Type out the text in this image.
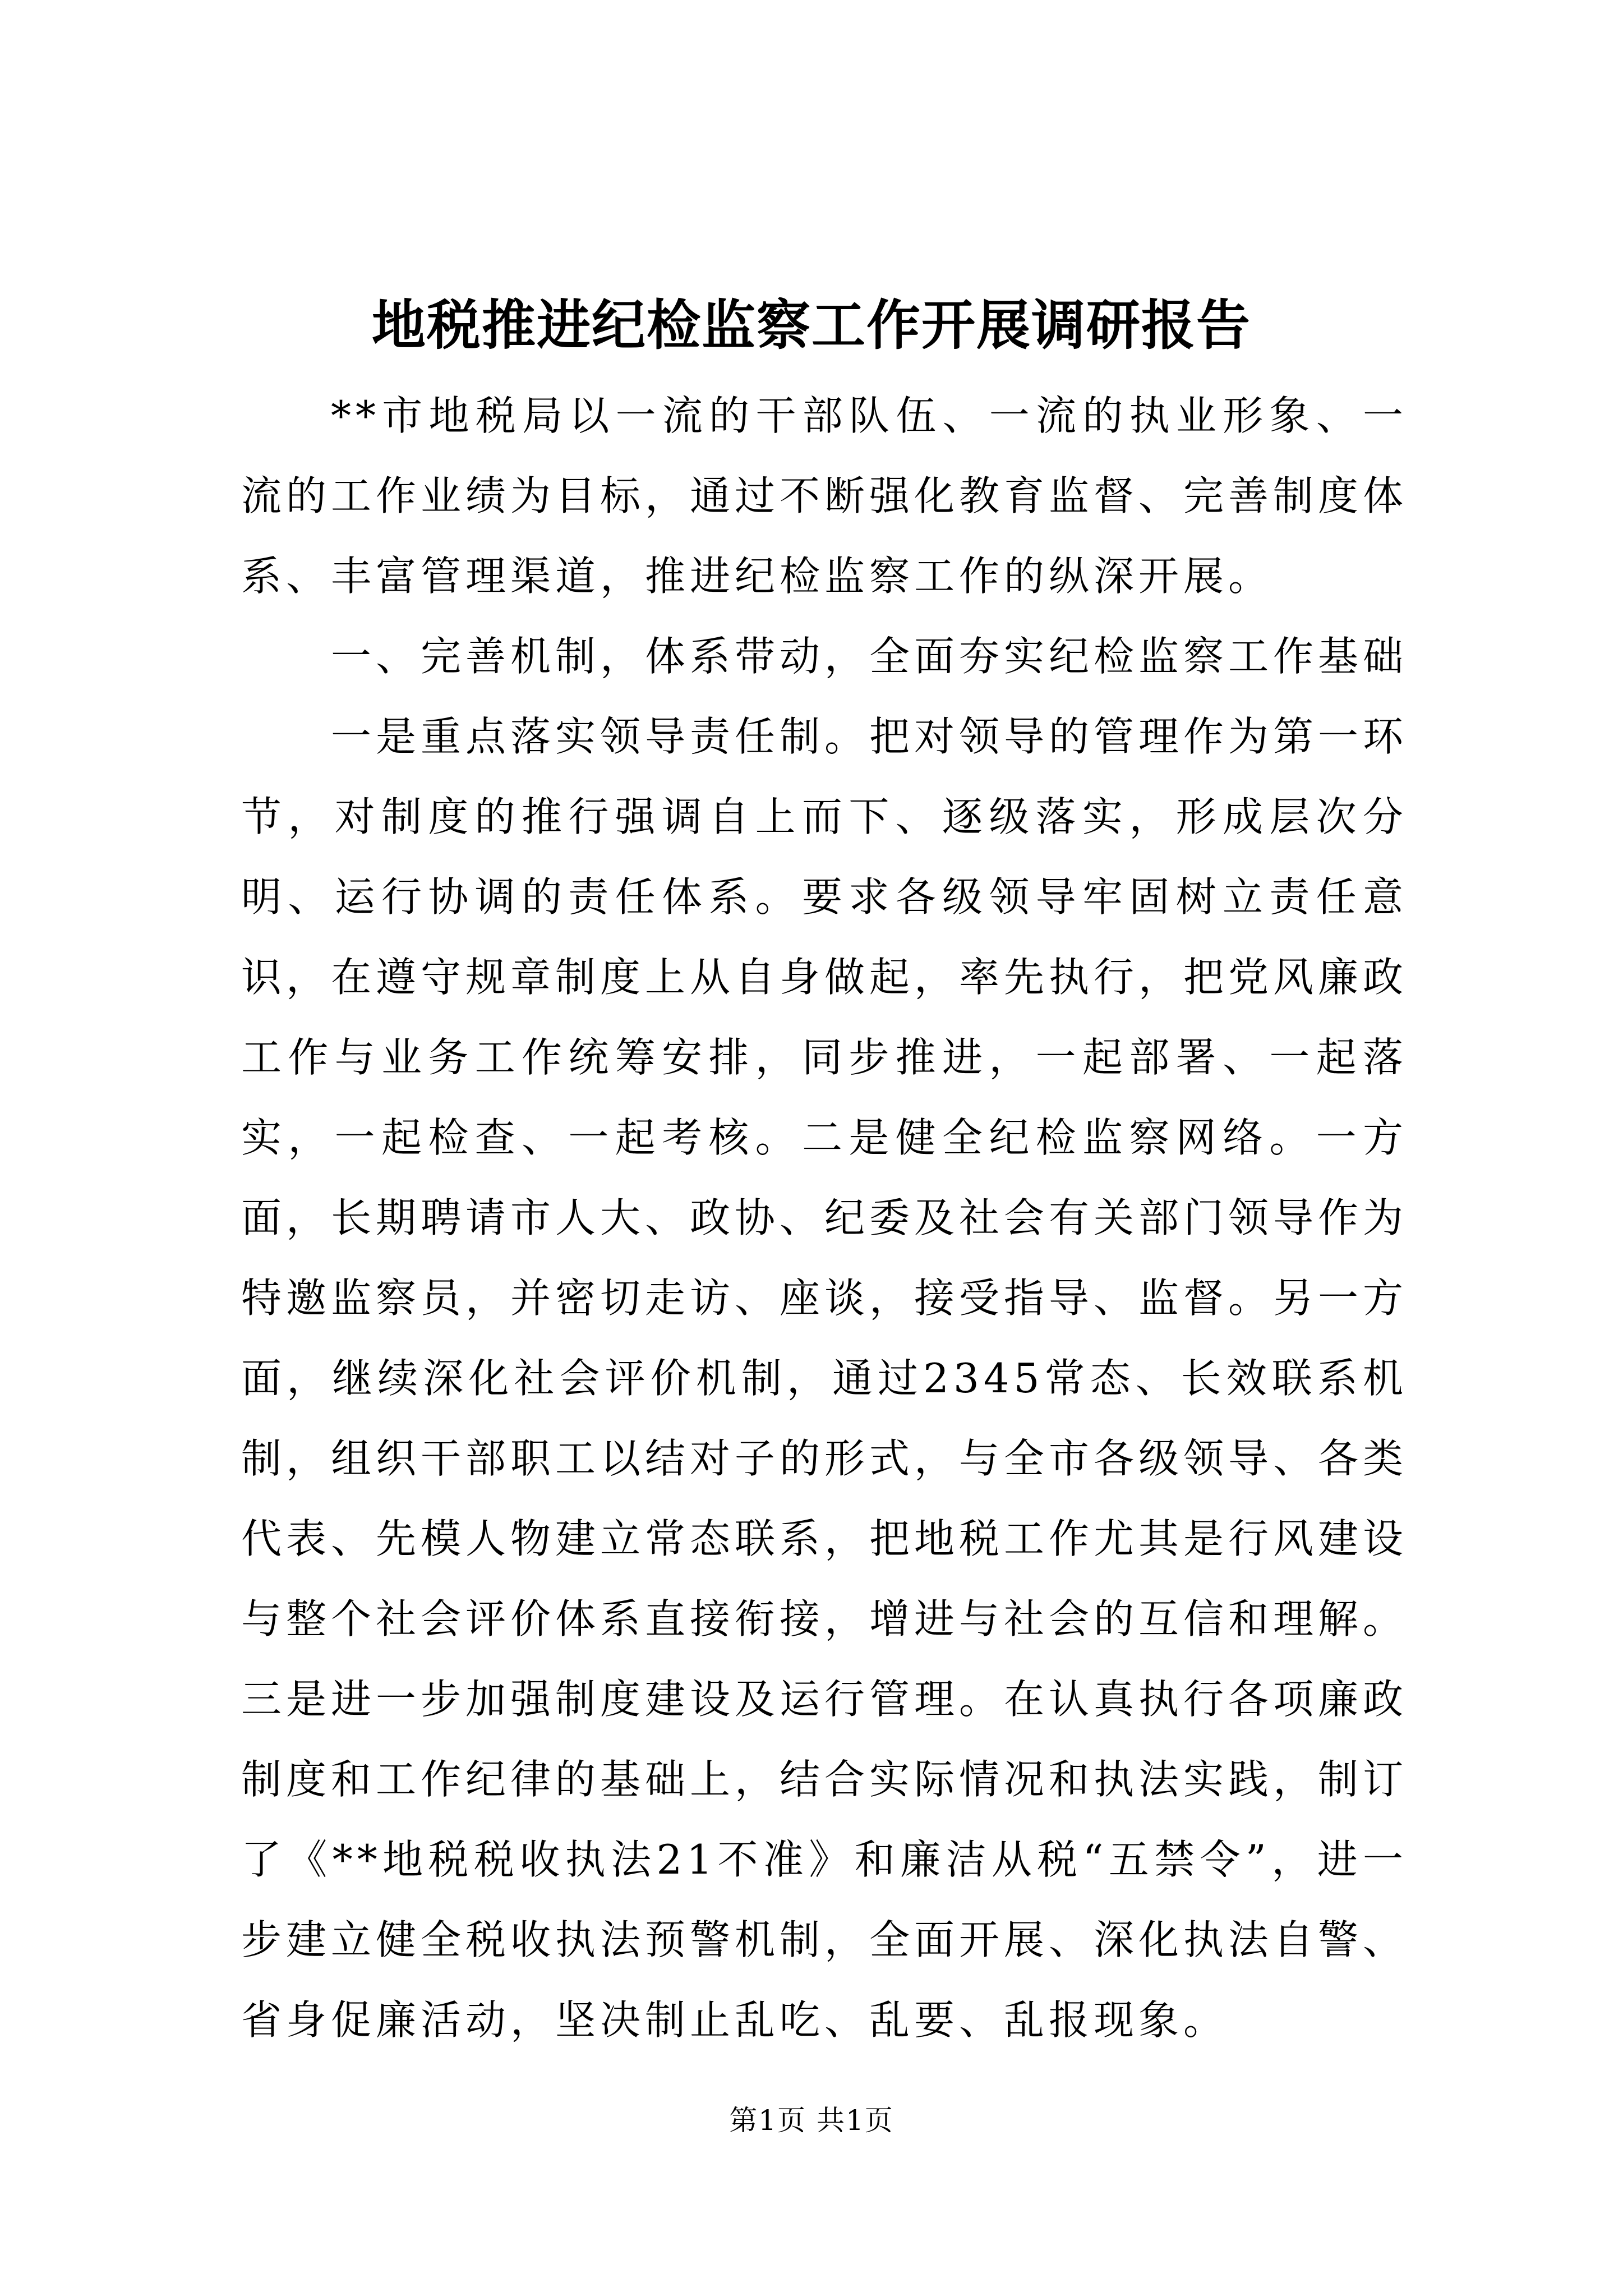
地税推进纪检监察工作开展调研报告

**市地税局以一流的干部队伍、一流的执业形象、一流的工作业绩为目标，通过不断强化教育监督、完善制度体系、丰富管理渠道，推进纪检监察工作的纵深开展。

一、完善机制，体系带动，全面夯实纪检监察工作基础

一是重点落实领导责任制。把对领导的管理作为第一环节，对制度的推行强调自上而下、逐级落实，形成层次分明、运行协调的责任体系。要求各级领导牢固树立责任意识，在遵守规章制度上从自身做起，率先执行，把党风廉政工作与业务工作统筹安排，同步推进，一起部署、一起落实，一起检查、一起考核。二是健全纪检监察网络。一方面，长期聘请市人大、政协、纪委及社会有关部门领导作为特邀监察员，并密切走访、座谈，接受指导、监督。另一方面，继续深化社会评价机制，通过2345常态、长效联系机制，组织干部职工以结对子的形式，与全市各级领导、各类代表、先模人物建立常态联系，把地税工作尤其是行风建设与整个社会评价体系直接衔接，增进与社会的互信和理解。三是进一步加强制度建设及运行管理。在认真执行各项廉政制度和工作纪律的基础上，结合实际情况和执法实践，制订了《**地税税收执法21不准》和廉洁从税“五禁令”，进一步建立健全税收执法预警机制，全面开展、深化执法自警、省身促廉活动，坚决制止乱吃、乱要、乱报现象。

第1页 共1页
